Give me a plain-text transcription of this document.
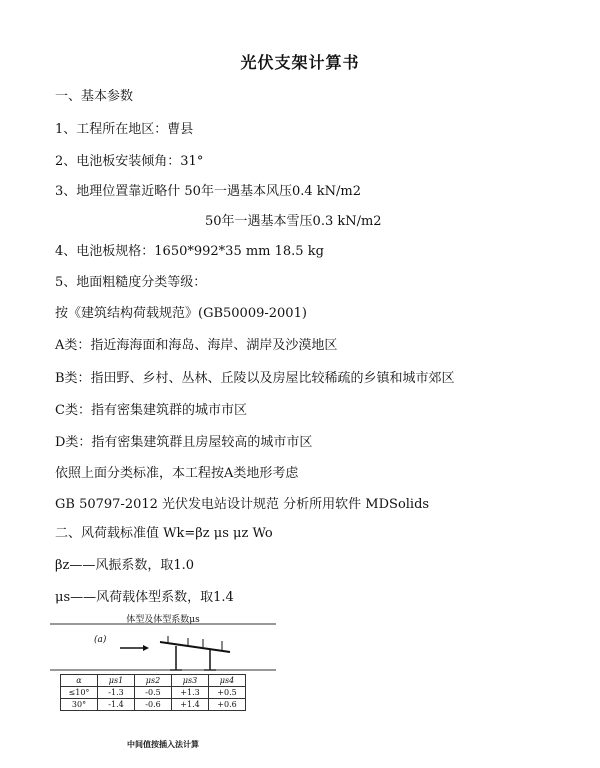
光伏支架计算书
一、基本参数
1、工程所在地区：曹县
2、电池板安装倾角：31°
3、地理位置靠近略什 50年一遇基本风压0.4 kN/m2
50年一遇基本雪压0.3 kN/m2
4、电池板规格：1650*992*35 mm 18.5 kg
5、地面粗糙度分类等级：
按《建筑结构荷载规范》(GB50009-2001)
A类：指近海海面和海岛、海岸、湖岸及沙漠地区
B类：指田野、乡村、丛林、丘陵以及房屋比较稀疏的乡镇和城市郊区
C类：指有密集建筑群的城市市区
D类：指有密集建筑群且房屋较高的城市市区
依照上面分类标准，本工程按A类地形考虑
GB 50797-2012 光伏发电站设计规范 分析所用软件 MDSolids
二、风荷载标准值 Wk=βz μs μz Wo
βz——风振系数，取1.0
μs——风荷载体型系数，取1.4
体型及体型系数μs
(a)
α	μs1	μs2	μs3	μs4
≤10°	-1.3	-0.5	+1.3	+0.5
30°	-1.4	-0.6	+1.4	+0.6
中间值按插入法计算
